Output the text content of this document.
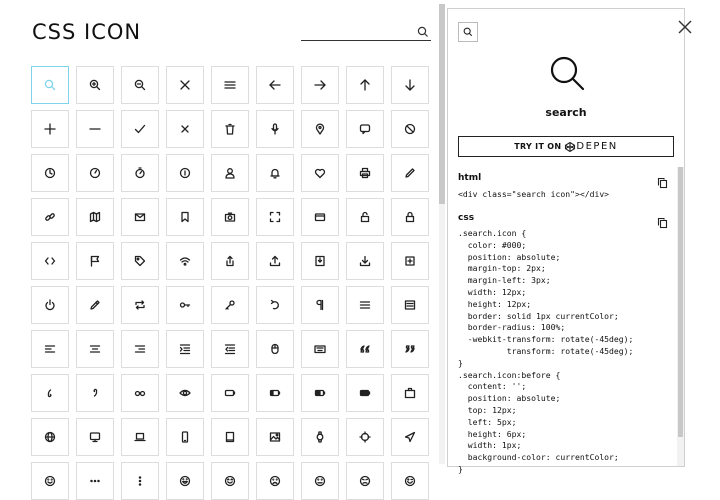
CSS ICON
search
TRY IT ON DEPEN
html
<div class="search icon"></div>
css
.search.icon {
color: #000;
position: absolute;
margin-top: 2px;
margin-left: 3px;
width: 12px;
height: 12px;
border: solid 1px currentColor;
border-radius: 100%;
-webkit-transform: rotate(-45deg);
transform: rotate(-45deg);
}
.search.icon:before {
content: '';
position: absolute;
top: 12px;
left: 5px;
height: 6px;
width: 1px;
background-color: currentColor;
}
